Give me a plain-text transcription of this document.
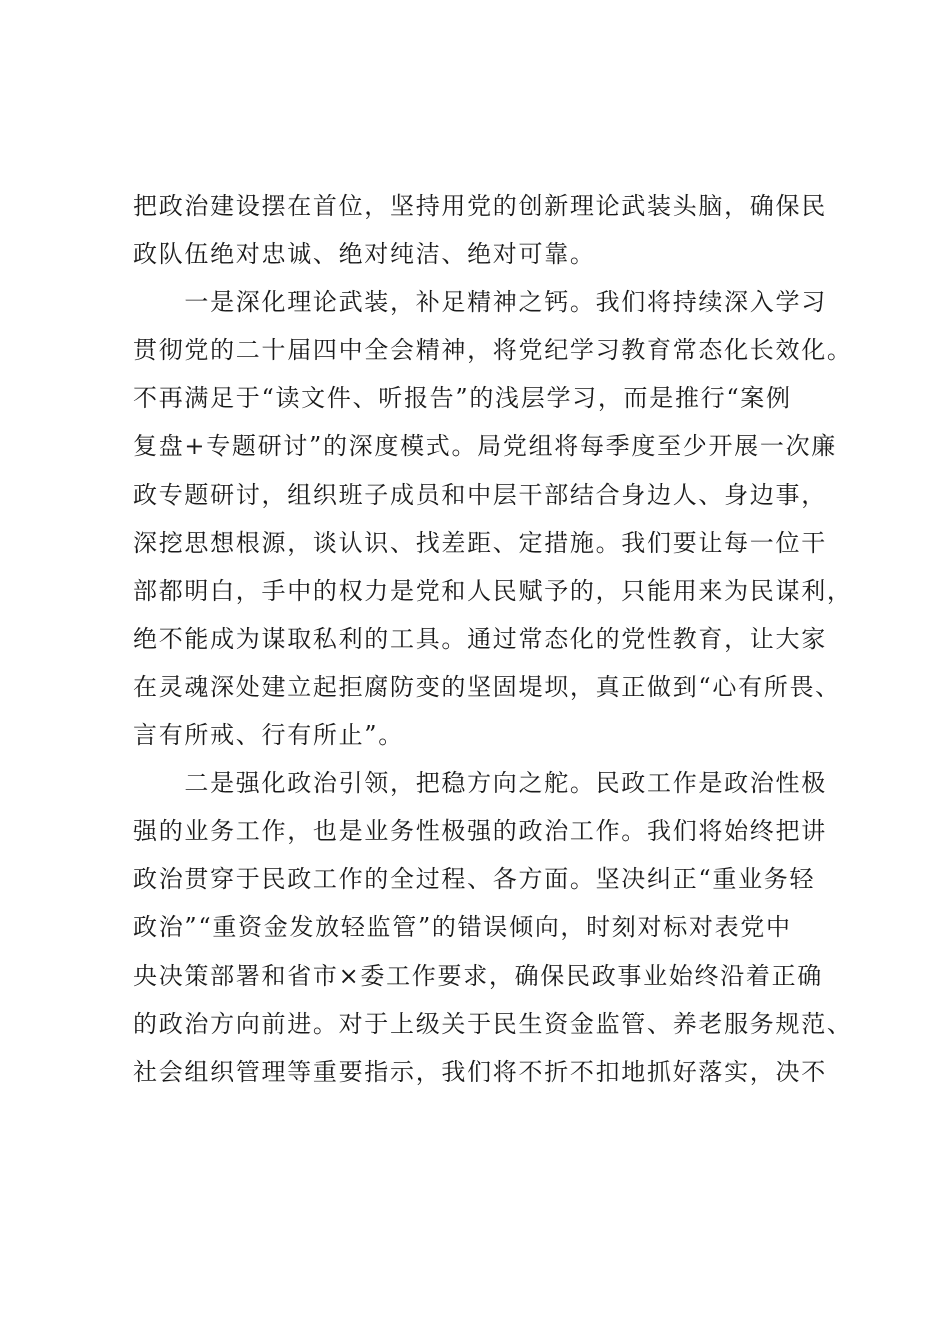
把政治建设摆在首位，坚持用党的创新理论武装头脑，确保民
政队伍绝对忠诚、绝对纯洁、绝对可靠。
　　一是深化理论武装，补足精神之钙。我们将持续深入学习
贯彻党的二十届四中全会精神，将党纪学习教育常态化长效化。
不再满足于“读文件、听报告”的浅层学习，而是推行“案例
复盘+专题研讨”的深度模式。局党组将每季度至少开展一次廉
政专题研讨，组织班子成员和中层干部结合身边人、身边事，
深挖思想根源，谈认识、找差距、定措施。我们要让每一位干
部都明白，手中的权力是党和人民赋予的，只能用来为民谋利，
绝不能成为谋取私利的工具。通过常态化的党性教育，让大家
在灵魂深处建立起拒腐防变的坚固堤坝，真正做到“心有所畏、
言有所戒、行有所止”。
　　二是强化政治引领，把稳方向之舵。民政工作是政治性极
强的业务工作，也是业务性极强的政治工作。我们将始终把讲
政治贯穿于民政工作的全过程、各方面。坚决纠正“重业务轻
政治”“重资金发放轻监管”的错误倾向，时刻对标对表党中
央决策部署和省市×委工作要求，确保民政事业始终沿着正确
的政治方向前进。对于上级关于民生资金监管、养老服务规范、
社会组织管理等重要指示，我们将不折不扣地抓好落实，决不
